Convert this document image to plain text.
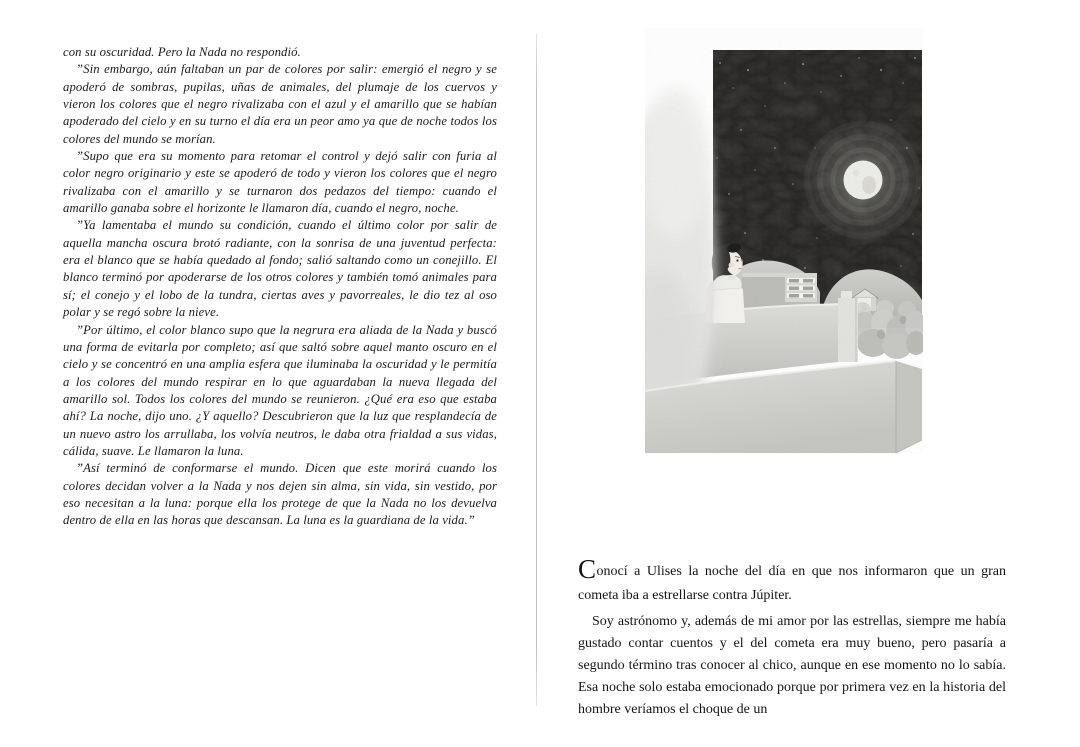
con su oscuridad. Pero la Nada no respondió.

”Sin embargo, aún faltaban un par de colores por salir: emergió el negro y se apoderó de sombras, pupilas, uñas de animales, del plumaje de los cuervos y vieron los colores que el negro rivalizaba con el azul y el amarillo que se habían apoderado del cielo y en su turno el día era un peor amo ya que de noche todos los colores del mundo se morían.

”Supo que era su momento para retomar el control y dejó salir con furia al color negro originario y este se apoderó de todo y vieron los colores que el negro rivalizaba con el amarillo y se turnaron dos pedazos del tiempo: cuando el amarillo ganaba sobre el horizonte le llamaron día, cuando el negro, noche.

”Ya lamentaba el mundo su condición, cuando el último color por salir de aquella mancha oscura brotó radiante, con la sonrisa de una juventud perfecta: era el blanco que se había quedado al fondo; salió saltando como un conejillo. El blanco terminó por apoderarse de los otros colores y también tomó animales para sí; el conejo y el lobo de la tundra, ciertas aves y pavorreales, le dio tez al oso polar y se regó sobre la nieve.

”Por último, el color blanco supo que la negrura era aliada de la Nada y buscó una forma de evitarla por completo; así que saltó sobre aquel manto oscuro en el cielo y se concentró en una amplia esfera que iluminaba la oscuridad y le permitía a los colores del mundo respirar en lo que aguardaban la nueva llegada del amarillo sol. Todos los colores del mundo se reunieron. ¿Qué era eso que estaba ahí? La noche, dijo uno. ¿Y aquello? Descubrieron que la luz que resplandecía de un nuevo astro los arrullaba, los volvía neutros, le daba otra frialdad a sus vidas, cálida, suave. Le llamaron la luna.

”Así terminó de conformarse el mundo. Dicen que este morirá cuando los colores decidan volver a la Nada y nos dejen sin alma, sin vida, sin vestido, por eso necesitan a la luna: porque ella los protege de que la Nada no los devuelva dentro de ella en las horas que descansan. La luna es la guardiana de la vida.”

Conocí a Ulises la noche del día en que nos informaron que un gran cometa iba a estrellarse contra Júpiter.

Soy astrónomo y, además de mi amor por las estrellas, siempre me había gustado contar cuentos y el del cometa era muy bueno, pero pasaría a segundo término tras conocer al chico, aunque en ese momento no lo sabía. Esa noche solo estaba emocionado porque por primera vez en la historia del hombre veríamos el choque de un
